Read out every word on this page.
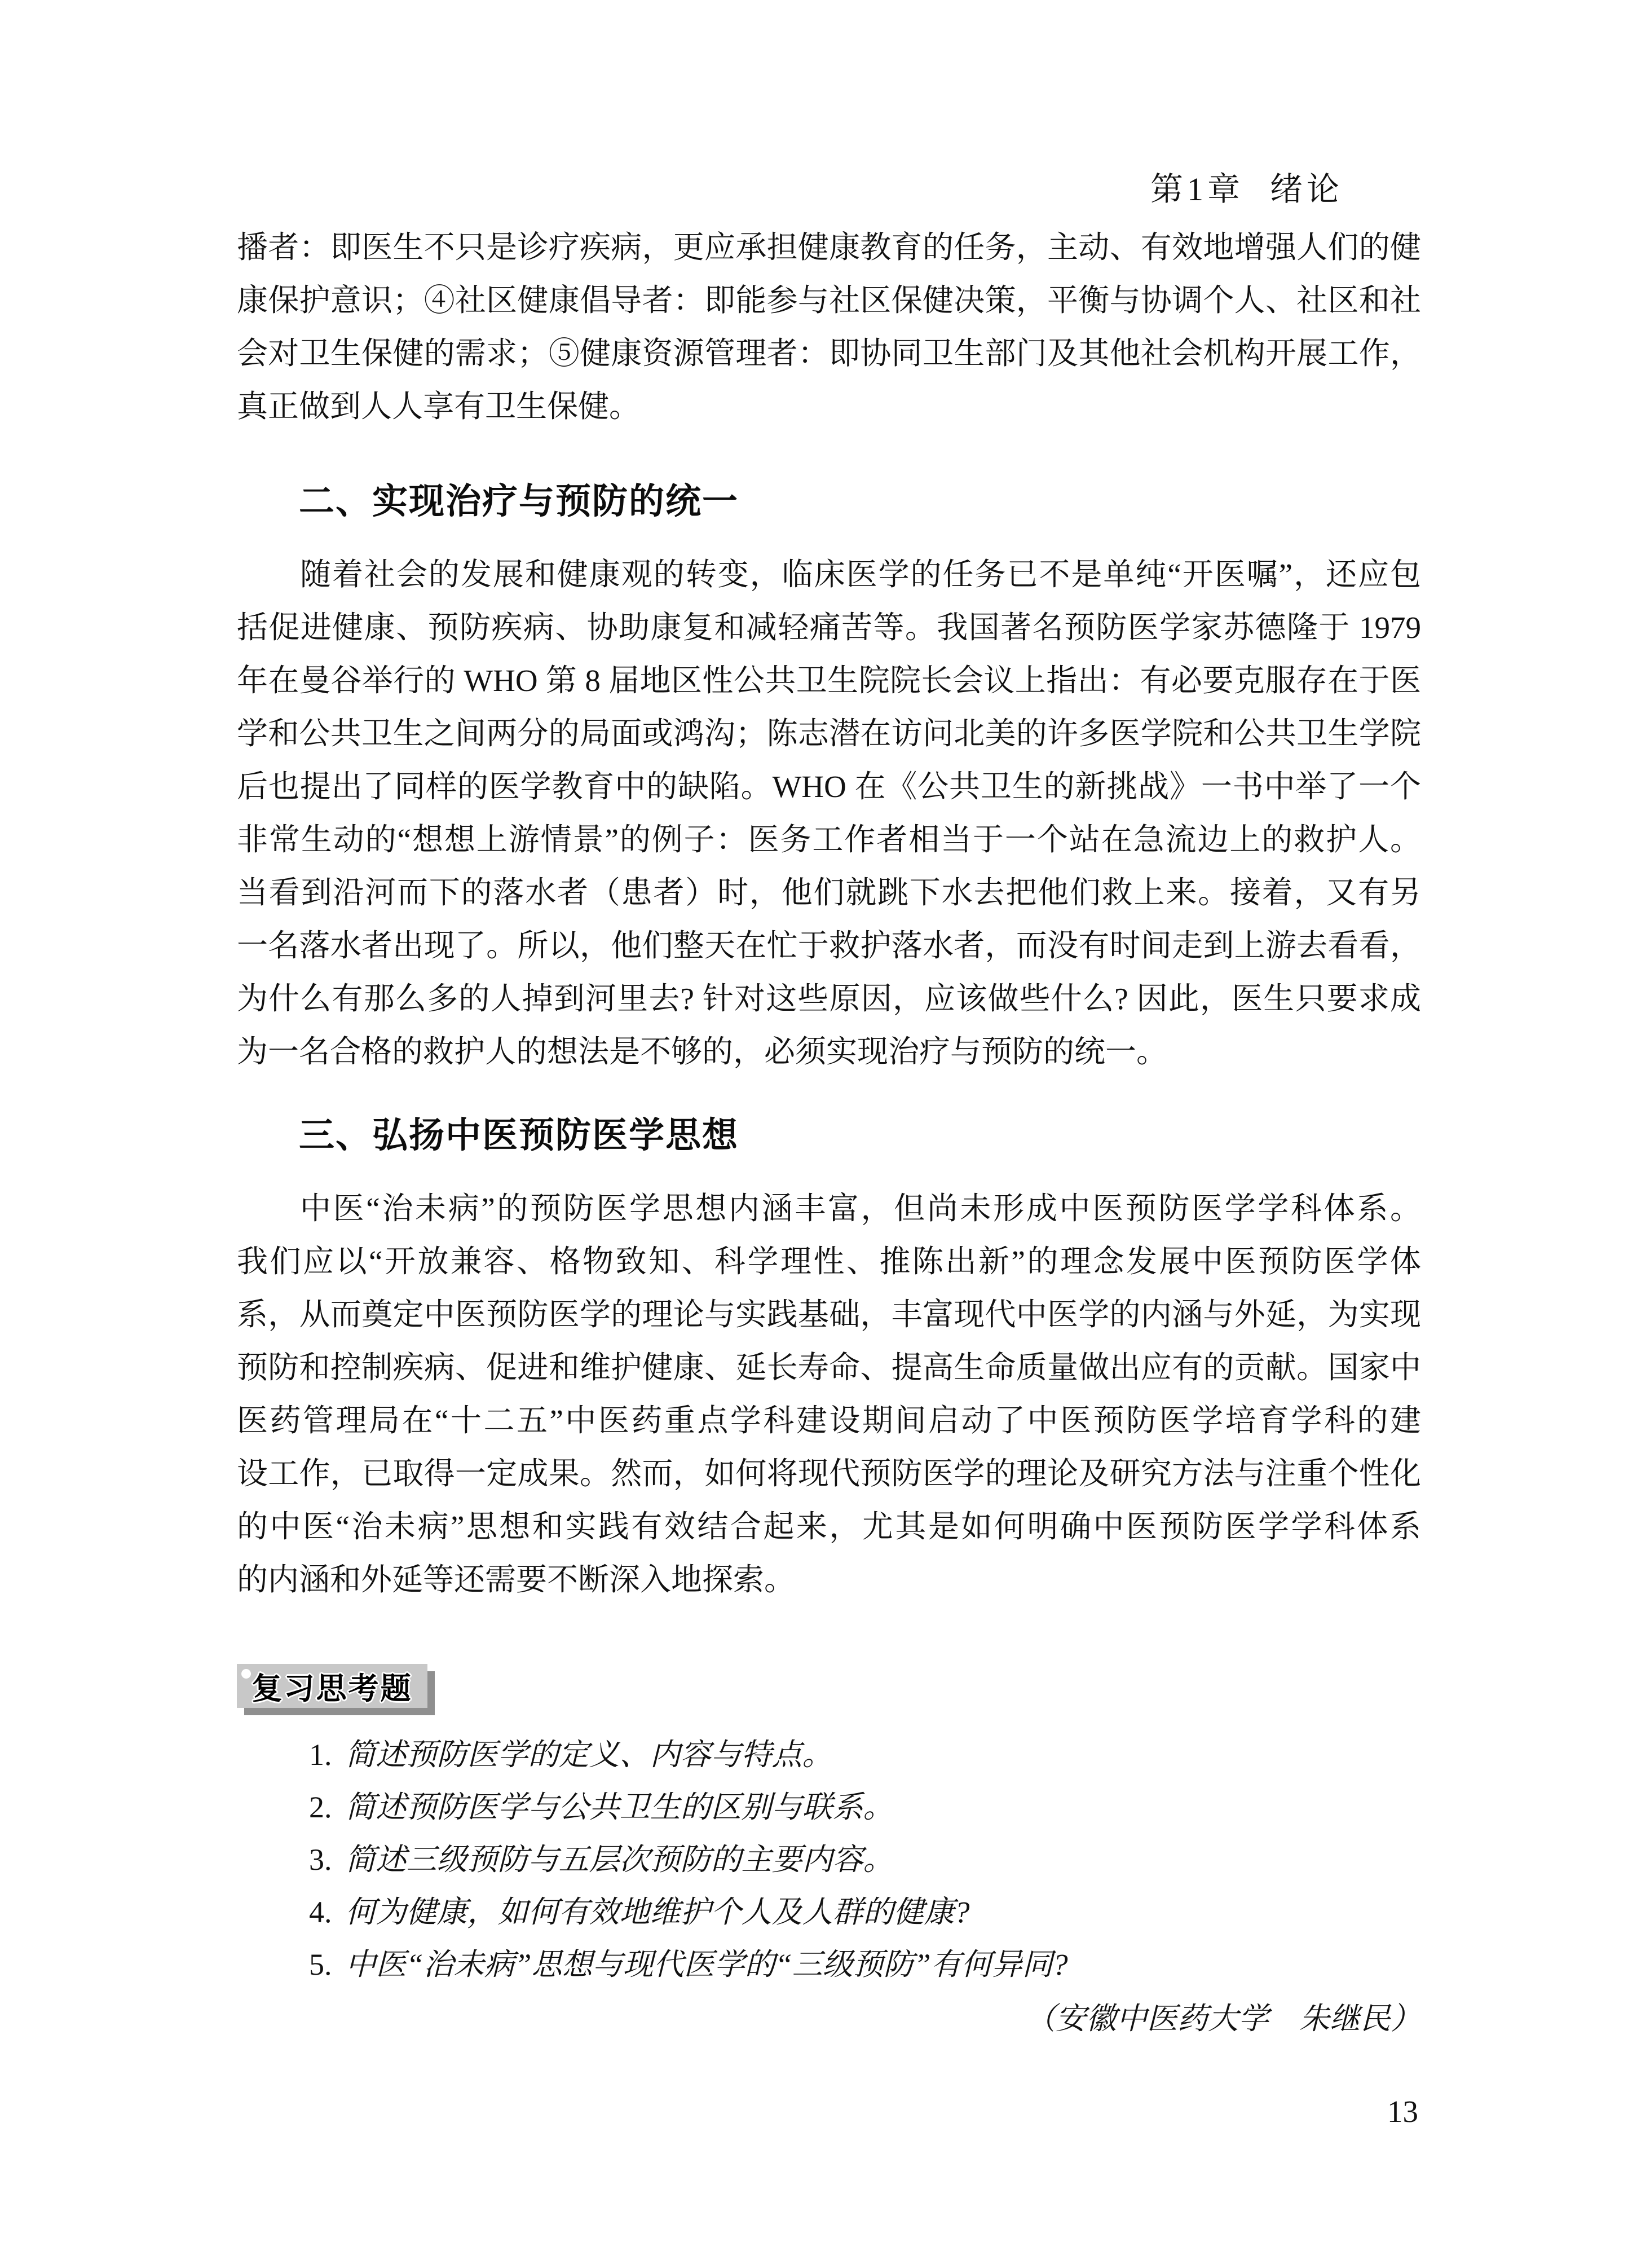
第1章 绪论
播者：即医生不只是诊疗疾病，更应承担健康教育的任务，主动、有效地增强人们的健
康保护意识；④社区健康倡导者：即能参与社区保健决策，平衡与协调个人、社区和社
会对卫生保健的需求；⑤健康资源管理者：即协同卫生部门及其他社会机构开展工作，
真正做到人人享有卫生保健。
二、实现治疗与预防的统一
随着社会的发展和健康观的转变，临床医学的任务已不是单纯“开医嘱”，还应包
括促进健康、预防疾病、协助康复和减轻痛苦等。我国著名预防医学家苏德隆于 1979
年在曼谷举行的 WHO 第 8 届地区性公共卫生院院长会议上指出：有必要克服存在于医
学和公共卫生之间两分的局面或鸿沟；陈志潜在访问北美的许多医学院和公共卫生学院
后也提出了同样的医学教育中的缺陷。WHO 在《公共卫生的新挑战》一书中举了一个
非常生动的“想想上游情景”的例子：医务工作者相当于一个站在急流边上的救护人。
当看到沿河而下的落水者（患者）时，他们就跳下水去把他们救上来。接着，又有另
一名落水者出现了。所以，他们整天在忙于救护落水者，而没有时间走到上游去看看，
为什么有那么多的人掉到河里去? 针对这些原因，应该做些什么? 因此，医生只要求成
为一名合格的救护人的想法是不够的，必须实现治疗与预防的统一。
三、弘扬中医预防医学思想
中医“治未病”的预防医学思想内涵丰富，但尚未形成中医预防医学学科体系。
我们应以“开放兼容、格物致知、科学理性、推陈出新”的理念发展中医预防医学体
系，从而奠定中医预防医学的理论与实践基础，丰富现代中医学的内涵与外延，为实现
预防和控制疾病、促进和维护健康、延长寿命、提高生命质量做出应有的贡献。国家中
医药管理局在“十二五”中医药重点学科建设期间启动了中医预防医学培育学科的建
设工作，已取得一定成果。然而，如何将现代预防医学的理论及研究方法与注重个性化
的中医“治未病”思想和实践有效结合起来，尤其是如何明确中医预防医学学科体系
的内涵和外延等还需要不断深入地探索。
复习思考题
1. 简述预防医学的定义、内容与特点。
2. 简述预防医学与公共卫生的区别与联系。
3. 简述三级预防与五层次预防的主要内容。
4. 何为健康，如何有效地维护个人及人群的健康?
5. 中医“治未病”思想与现代医学的“三级预防”有何异同?
（安徽中医药大学　朱继民）
13
